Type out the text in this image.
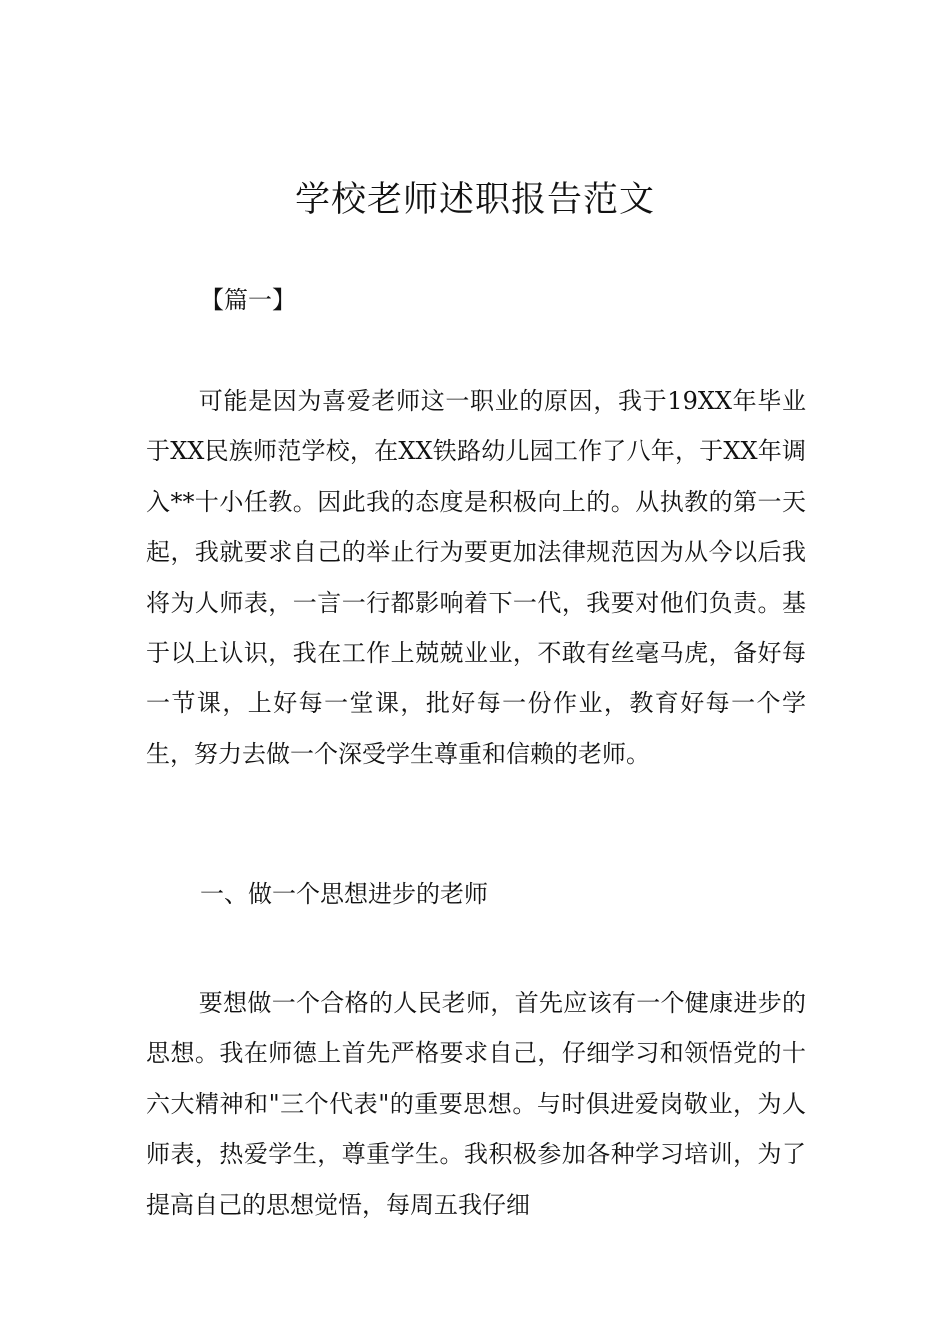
学校老师述职报告范文
【篇一】

可能是因为喜爱老师这一职业的原因，我于19XX年毕业于XX民族师范学校，在XX铁路幼儿园工作了八年，于XX年调入**十小任教。因此我的态度是积极向上的。从执教的第一天起，我就要求自己的举止行为要更加法律规范因为从今以后我将为人师表，一言一行都影响着下一代，我要对他们负责。基于以上认识，我在工作上兢兢业业，不敢有丝毫马虎，备好每一节课，上好每一堂课，批好每一份作业，教育好每一个学生，努力去做一个深受学生尊重和信赖的老师。

一、做一个思想进步的老师

要想做一个合格的人民老师，首先应该有一个健康进步的思想。我在师德上首先严格要求自己，仔细学习和领悟党的十六大精神和"三个代表"的重要思想。与时俱进爱岗敬业，为人师表，热爱学生，尊重学生。我积极参加各种学习培训，为了提高自己的思想觉悟，每周五我仔细
